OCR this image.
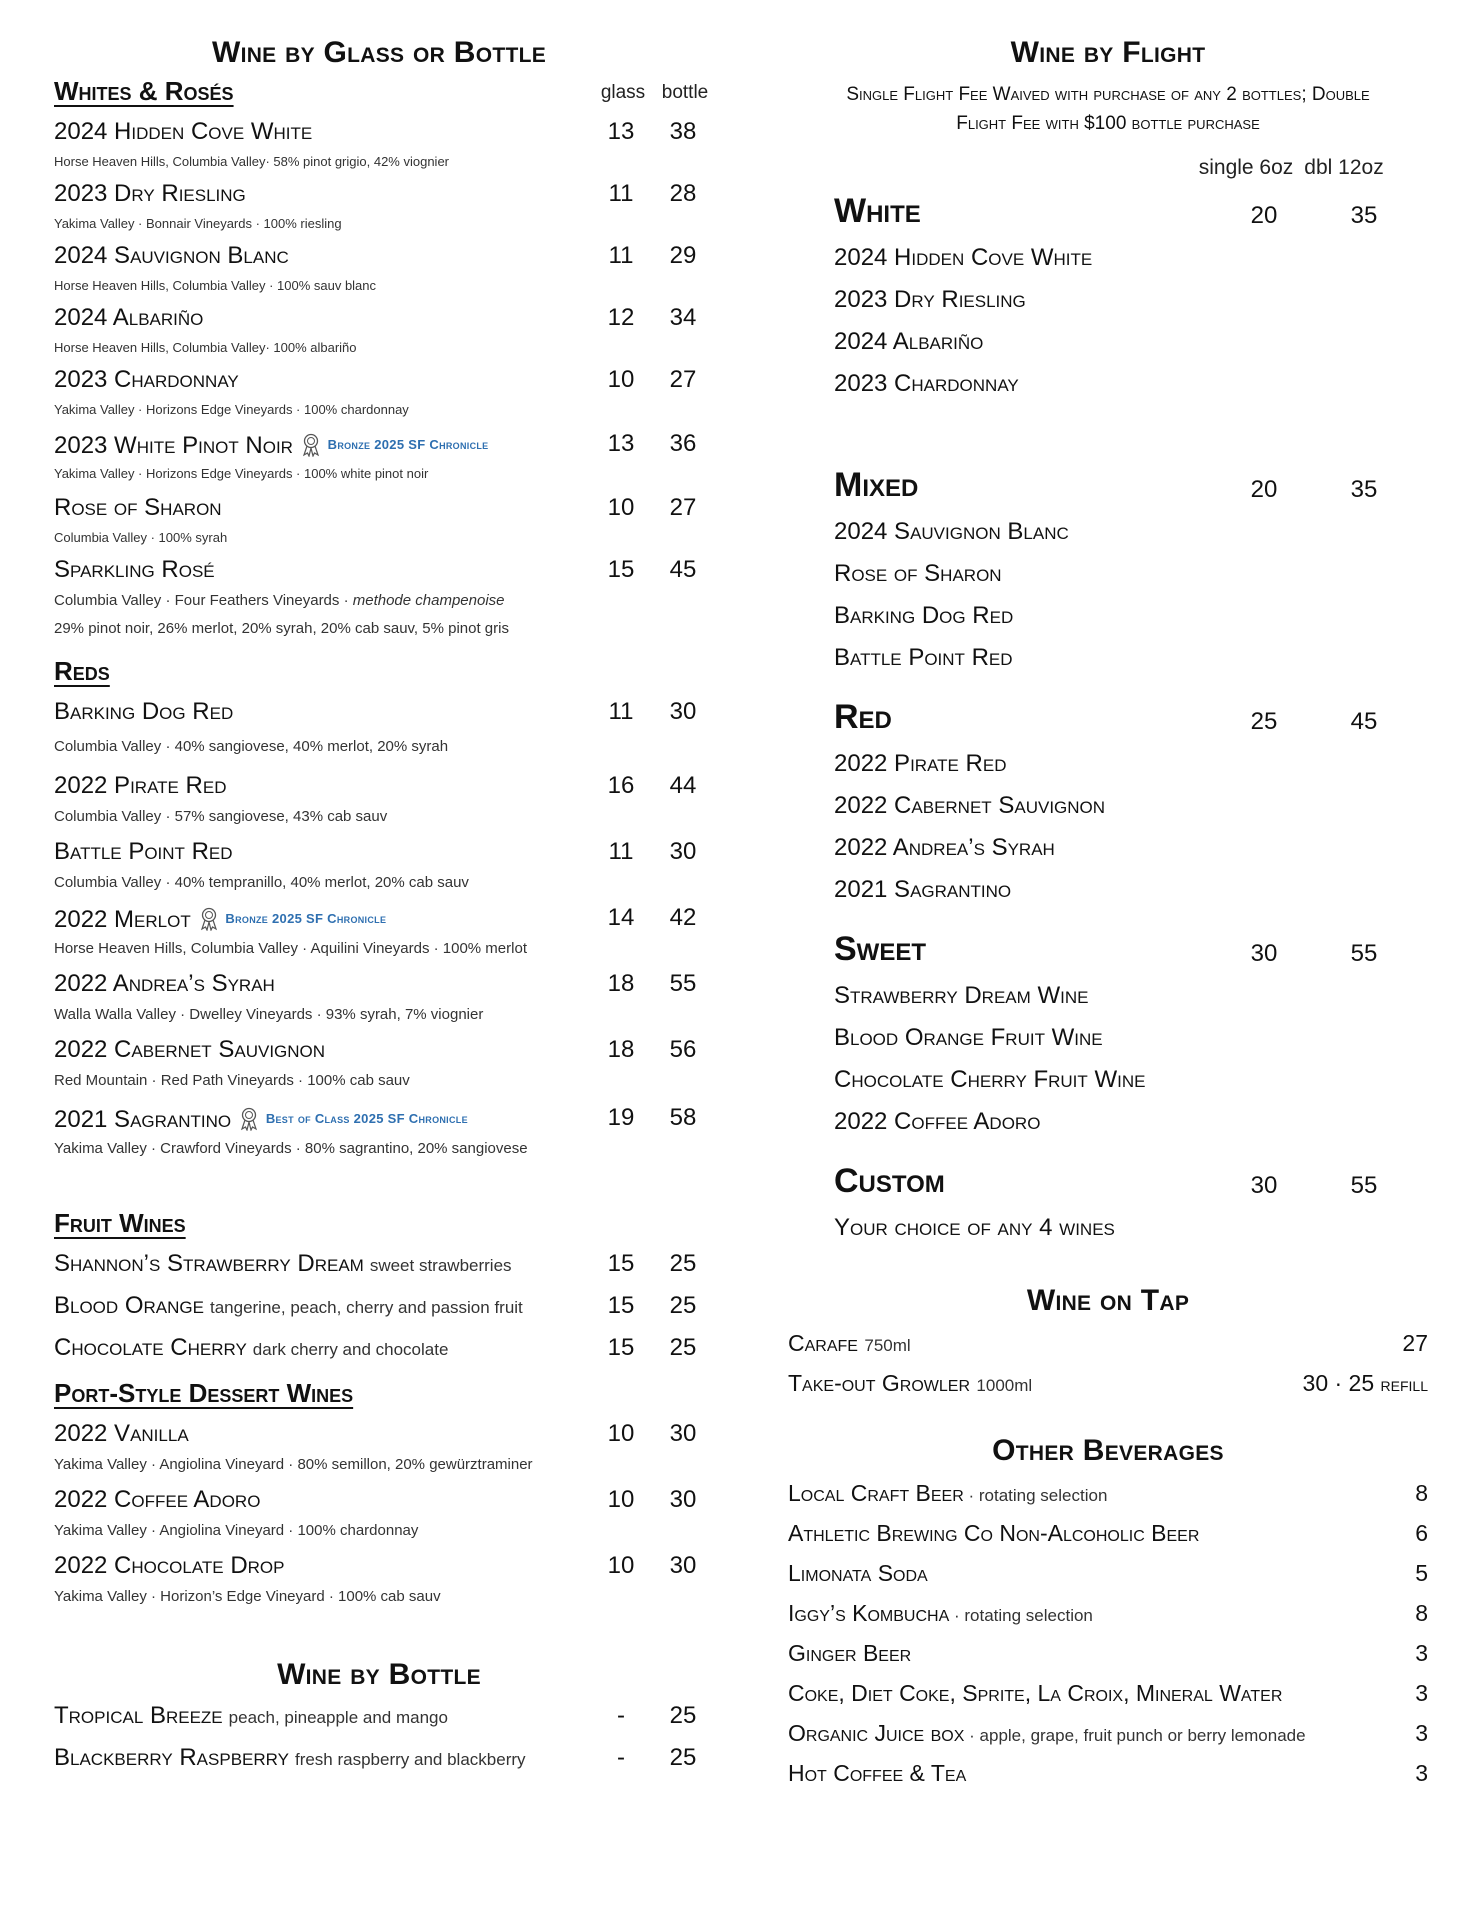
Wine by Glass or Bottle
Whites & Rosés	glass bottle
2024 Hidden Cove White	13	38
Horse Heaven Hills, Columbia Valley· 58% pinot grigio, 42% viognier
2023 Dry Riesling	11	28
Yakima Valley · Bonnair Vineyards · 100% riesling
2024 Sauvignon Blanc	11	29
Horse Heaven Hills, Columbia Valley · 100% sauv blanc
2024 Albariño	12	34
Horse Heaven Hills, Columbia Valley· 100% albariño
2023 Chardonnay	10	27
Yakima Valley · Horizons Edge Vineyards · 100% chardonnay
2023 White Pinot Noir	Bronze 2025 SF Chronicle	13	36
Yakima Valley · Horizons Edge Vineyards · 100% white pinot noir
Rose of Sharon	10	27
Columbia Valley · 100% syrah
Sparkling Rosé	15	45
Columbia Valley · Four Feathers Vineyards · methode champenoise
29% pinot noir, 26% merlot, 20% syrah, 20% cab sauv, 5% pinot gris
Reds
Barking Dog Red	11	30
Columbia Valley · 40% sangiovese, 40% merlot, 20% syrah
2022 Pirate Red	16	44
Columbia Valley · 57% sangiovese, 43% cab sauv
Battle Point Red	11	30
Columbia Valley · 40% tempranillo, 40% merlot, 20% cab sauv
2022 Merlot	Bronze 2025 SF Chronicle	14	42
Horse Heaven Hills, Columbia Valley · Aquilini Vineyards · 100% merlot
2022 Andrea’s Syrah	18	55
Walla Walla Valley · Dwelley Vineyards · 93% syrah, 7% viognier
2022 Cabernet Sauvignon	18	56
Red Mountain · Red Path Vineyards · 100% cab sauv
2021 Sagrantino	Best of Class 2025 SF Chronicle	19	58
Yakima Valley · Crawford Vineyards · 80% sagrantino, 20% sangiovese
Fruit Wines
Shannon’s Strawberry Dream sweet strawberries	15	25
Blood Orange tangerine, peach, cherry and passion fruit	15	25
Chocolate Cherry dark cherry and chocolate	15	25
Port-Style Dessert Wines
2022 Vanilla	10	30
Yakima Valley · Angiolina Vineyard · 80% semillon, 20% gewürztraminer
2022 Coffee Adoro	10	30
Yakima Valley · Angiolina Vineyard · 100% chardonnay
2022 Chocolate Drop	10	30
Yakima Valley · Horizon’s Edge Vineyard · 100% cab sauv
Wine by Bottle
Tropical Breeze peach, pineapple and mango	-	25
Blackberry Raspberry fresh raspberry and blackberry	-	25
Wine by Flight
Single Flight Fee Waived with purchase of any 2 bottles; Double
Flight Fee with $100 bottle purchase
single 6oz dbl 12oz
White	20	35
2024 Hidden Cove White
2023 Dry Riesling
2024 Albariño
2023 Chardonnay
Mixed	20	35
2024 Sauvignon Blanc
Rose of Sharon
Barking Dog Red
Battle Point Red
Red	25	45
2022 Pirate Red
2022 Cabernet Sauvignon
2022 Andrea’s Syrah
2021 Sagrantino
Sweet	30	55
Strawberry Dream Wine
Blood Orange Fruit Wine
Chocolate Cherry Fruit Wine
2022 Coffee Adoro
Custom	30	55
Your choice of any 4 wines
Wine on Tap
Carafe 750ml	27
Take-out Growler 1000ml	30 · 25 refill
Other Beverages
Local Craft Beer · rotating selection	8
Athletic Brewing Co Non-Alcoholic Beer	6
Limonata Soda	5
Iggy’s Kombucha · rotating selection	8
Ginger Beer	3
Coke, Diet Coke, Sprite, La Croix, Mineral Water	3
Organic Juice box · apple, grape, fruit punch or berry lemonade	3
Hot Coffee & Tea	3
